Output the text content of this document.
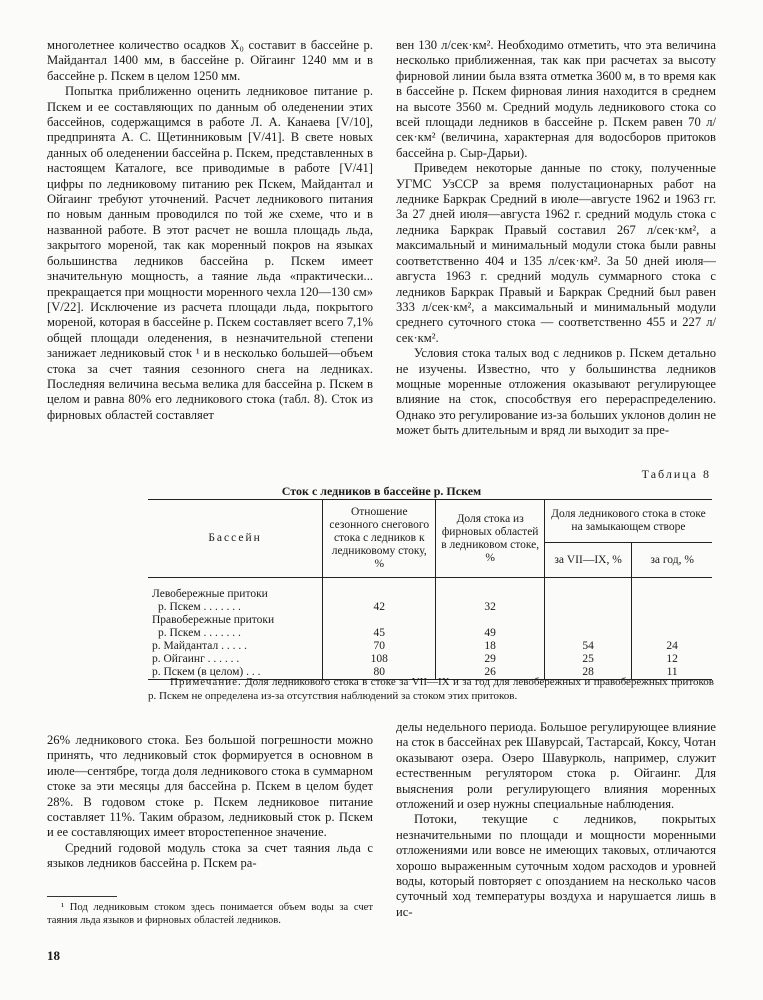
многолетнее количество осадков X₀ составит в бассейне р. Майдантал 1400 мм, в бассейне р. Ойгаинг 1240 мм и в бассейне р. Пскем в целом 1250 мм.

Попытка приближенно оценить ледниковое питание р. Пскем и ее составляющих по данным об оледенении этих бассейнов, содержащимся в работе Л. А. Канаева [V/10], предпринята А. С. Щетинниковым [V/41]. В свете новых данных об оледенении бассейна р. Пскем, представленных в настоящем Каталоге, все приводимые в работе [V/41] цифры по ледниковому питанию рек Пскем, Майдантал и Ойгаинг требуют уточнений. Расчет ледникового питания по новым данным проводился по той же схеме, что и в названной работе. В этот расчет не вошла площадь льда, закрытого мореной, так как моренный покров на языках большинства ледников бассейна р. Пскем имеет значительную мощность, а таяние льда «практически... прекращается при мощности моренного чехла 120—130 см» [V/22]. Исключение из расчета площади льда, покрытого мореной, которая в бассейне р. Пскем составляет всего 7,1% общей площади оледенения, в незначительной степени занижает ледниковый сток ¹ и в несколько большей—объем стока за счет таяния сезонного снега на ледниках. Последняя величина весьма велика для бассейна р. Пскем в целом и равна 80% его ледникового стока (табл. 8). Сток из фирновых областей составляет

вен 130 л/сек·км². Необходимо отметить, что эта величина несколько приближенная, так как при расчетах за высоту фирновой линии была взята отметка 3600 м, в то время как в бассейне р. Пскем фирновая линия находится в среднем на высоте 3560 м. Средний модуль ледникового стока со всей площади ледников в бассейне р. Пскем равен 70 л/сек·км² (величина, характерная для водосборов притоков бассейна р. Сыр-Дарьи).

Приведем некоторые данные по стоку, полученные УГМС УзССР за время полустационарных работ на леднике Баркрак Средний в июле—августе 1962 и 1963 гг. За 27 дней июля—августа 1962 г. средний модуль стока с ледника Баркрак Правый составил 267 л/сек·км², а максимальный и минимальный модули стока были равны соответственно 404 и 135 л/сек·км². За 50 дней июля—августа 1963 г. средний модуль суммарного стока с ледников Баркрак Правый и Баркрак Средний был равен 333 л/сек·км², а максимальный и минимальный модули среднего суточного стока — соответственно 455 и 227 л/сек·км².

Условия стока талых вод с ледников р. Пскем детально не изучены. Известно, что у большинства ледников мощные моренные отложения оказывают регулирующее влияние на сток, способствуя его перераспределению. Однако это регулирование из-за больших уклонов долин не может быть длительным и вряд ли выходит за пре-

Таблица 8
Сток с ледников в бассейне р. Пскем
Бассейн	Отношение сезонного снегового стока с ледников к ледниковому стоку, %	Доля стока из фирновых областей в ледниковом стоке, %	Доля ледникового стока в стоке на замыкающем створе	
			за VII—IX, %	за год, %
Левобережные притоки				
р. Пскем . . . . . . .	42	32		
Правобережные притоки				
р. Пскем . . . . . . .	45	49		
р. Майдантал . . . . .	70	18	54	24
р. Ойгаинг . . . . . .	108	29	25	12
р. Пскем (в целом) . . .	80	26	28	11
Примечание. Доля ледникового стока в стоке за VII—IX и за год для левобережных и правобережных притоков р. Пскем не определена из-за отсутствия наблюдений за стоком этих притоков.

26% ледникового стока. Без большой погрешности можно принять, что ледниковый сток формируется в основном в июле—сентябре, тогда доля ледникового стока в суммарном стоке за эти месяцы для бассейна р. Пскем в целом будет 28%. В годовом стоке р. Пскем ледниковое питание составляет 11%. Таким образом, ледниковый сток р. Пскем и ее составляющих имеет второстепенное значение.

Средний годовой модуль стока за счет таяния льда с языков ледников бассейна р. Пскем ра-

делы недельного периода. Большое регулирующее влияние на сток в бассейнах рек Шавурсай, Тастарсай, Коксу, Чотан оказывают озера. Озеро Шавурколь, например, служит естественным регулятором стока р. Ойгаинг. Для выяснения роли регулирующего влияния моренных отложений и озер нужны специальные наблюдения.

Потоки, текущие с ледников, покрытых незначительными по площади и мощности моренными отложениями или вовсе не имеющих таковых, отличаются хорошо выраженным суточным ходом расходов и уровней воды, который повторяет с опозданием на несколько часов суточный ход температуры воздуха и нарушается лишь в ис-

¹ Под ледниковым стоком здесь понимается объем воды за счет таяния льда языков и фирновых областей ледников.
18
